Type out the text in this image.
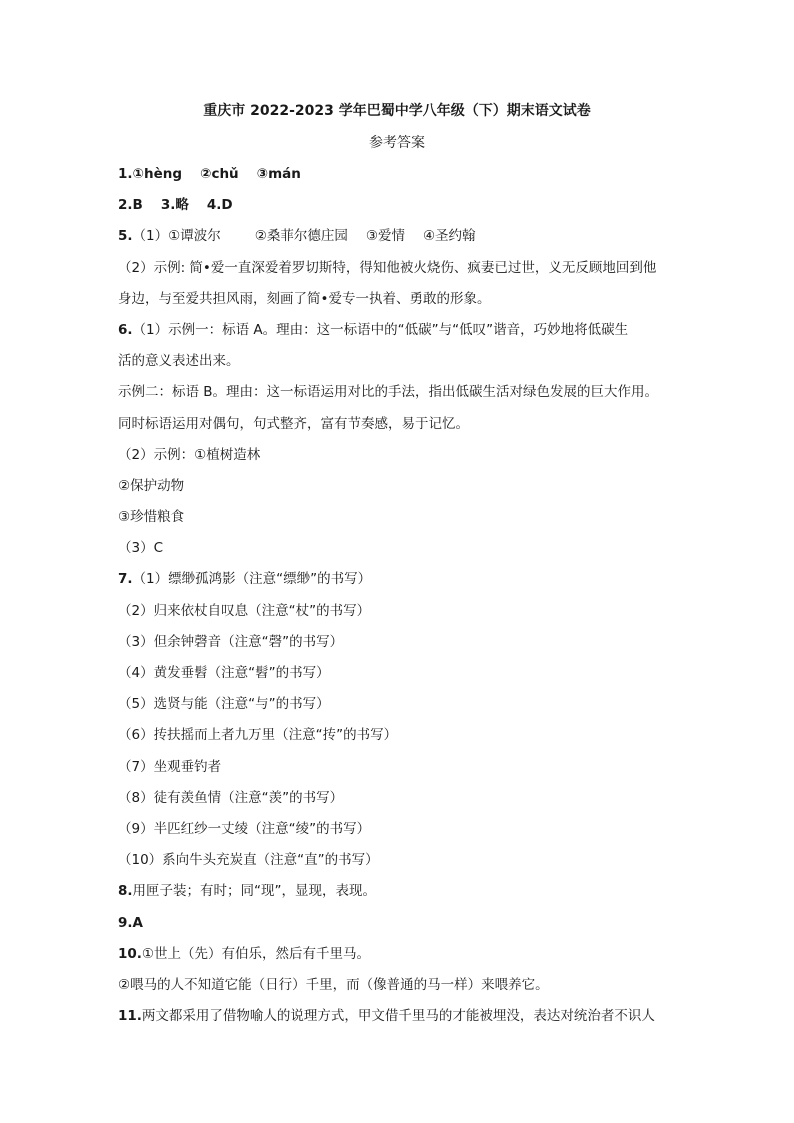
重庆市 2022-2023 学年巴蜀中学八年级（下）期末语文试卷
参考答案
1.①hèng ②chǔ ③mán
2.B 3.略 4.D
5.（1）①谭波尔	②桑菲尔德庄园 ③爱情 ④圣约翰
（2）示例: 简•爱一直深爱着罗切斯特，得知他被火烧伤、疯妻已过世，义无反顾地回到他
身边，与至爱共担风雨，刻画了简•爱专一执着、勇敢的形象。
6.（1）示例一：标语 A。理由：这一标语中的“低碳”与“低叹”谐音，巧妙地将低碳生
活的意义表述出来。
示例二：标语 B。理由：这一标语运用对比的手法，指出低碳生活对绿色发展的巨大作用。
同时标语运用对偶句，句式整齐，富有节奏感，易于记忆。
（2）示例：①植树造林
②保护动物
③珍惜粮食
（3）C
7.（1）缥缈孤鸿影（注意“缥缈”的书写）
（2）归来依杖自叹息（注意“杖”的书写）
（3）但余钟磬音（注意“磬”的书写）
（4）黄发垂髫（注意“髫”的书写）
（5）选贤与能（注意“与”的书写）
（6）抟扶摇而上者九万里（注意“抟”的书写）
（7）坐观垂钓者
（8）徒有羡鱼情（注意“羡”的书写）
（9）半匹红纱一丈绫（注意“绫”的书写）
（10）系向牛头充炭直（注意“直”的书写）
8.用匣子装；有时；同“现”，显现，表现。
9.A
10.①世上（先）有伯乐，然后有千里马。
②喂马的人不知道它能（日行）千里，而（像普通的马一样）来喂养它。
11.两文都采用了借物喻人的说理方式，甲文借千里马的才能被埋没，表达对统治者不识人
